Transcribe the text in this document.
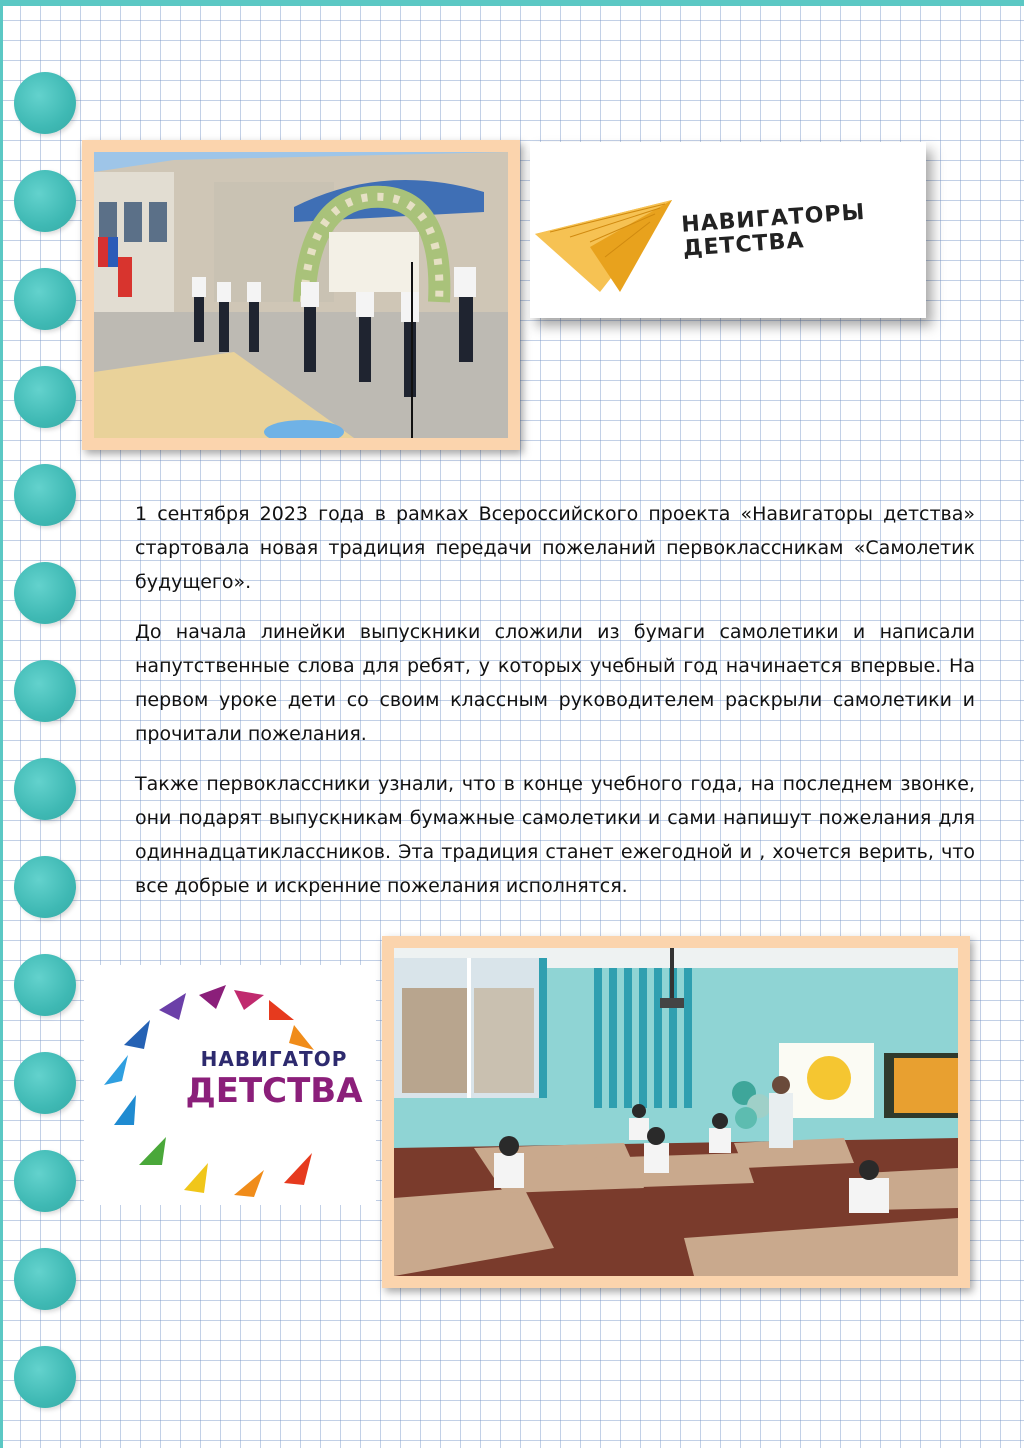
НАВИГАТОРЫ
ДЕТСТВА

1 сентября 2023 года в рамках Всероссийского проекта «Навигаторы детства» стартовала новая традиция передачи пожеланий первоклассникам «Самолетик будущего».

До начала линейки выпускники сложили из бумаги самолетики и написали напутственные слова для ребят, у которых учебный год начинается впервые. На первом уроке дети со своим классным руководителем раскрыли самолетики и прочитали пожелания.

Также первоклассники узнали, что в конце учебного года, на последнем звонке, они подарят выпускникам бумажные самолетики и сами напишут пожелания для одиннадцатиклассников. Эта традиция станет ежегодной и , хочется верить, что все добрые и искренние пожелания исполнятся.

НАВИГАТОР
ДЕТСТВА
